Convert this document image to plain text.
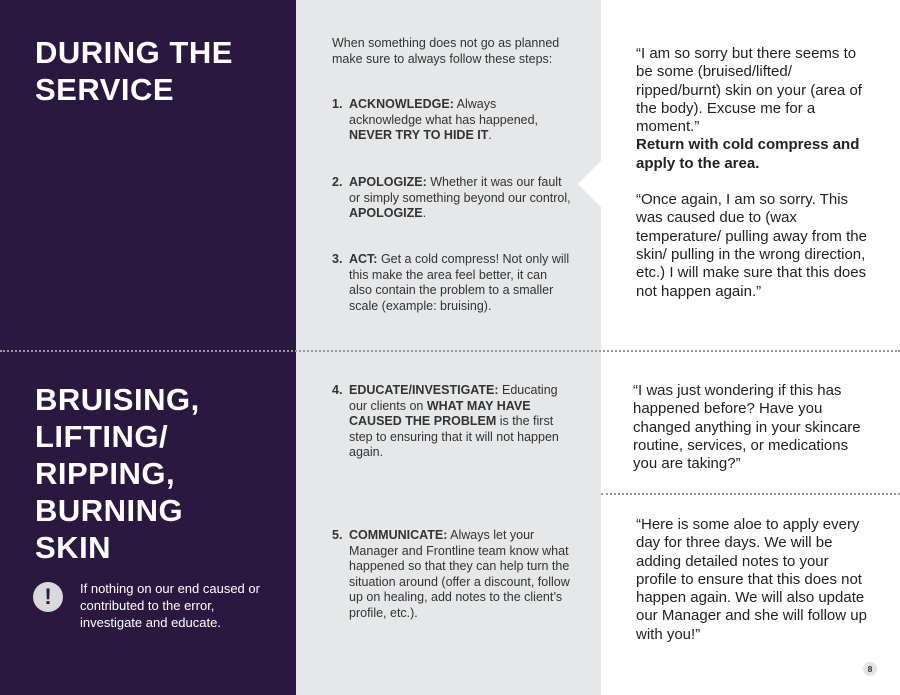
DURING THE
SERVICE
When something does not go as planned make sure to always follow these steps:
1. ACKNOWLEDGE: Always acknowledge what has happened, NEVER TRY TO HIDE IT.
2. APOLOGIZE: Whether it was our fault or simply something beyond our control, APOLOGIZE.
3. ACT: Get a cold compress! Not only will this make the area feel better, it can also contain the problem to a smaller scale (example: bruising).

“I am so sorry but there seems to be some (bruised/lifted/ ripped/burnt) skin on your (area of the body). Excuse me for a moment.”

Return with cold compress and apply to the area.

“Once again, I am so sorry. This was caused due to (wax temperature/ pulling away from the skin/ pulling in the wrong direction, etc.) I will make sure that this does not happen again.”

BRUISING,
LIFTING/
RIPPING,
BURNING
SKIN
!	If nothing on our end caused or contributed to the error, investigate and educate.
4. EDUCATE/INVESTIGATE: Educating our clients on WHAT MAY HAVE CAUSED THE PROBLEM is the first step to ensuring that it will not happen again.
5. COMMUNICATE: Always let your Manager and Frontline team know what happened so that they can help turn the situation around (offer a discount, follow up on healing, add notes to the client’s profile, etc.).
“I was just wondering if this has happened before? Have you changed anything in your skincare routine, services, or medications you are taking?”
“Here is some aloe to apply every day for three days. We will be adding detailed notes to your profile to ensure that this does not happen again. We will also update our Manager and she will follow up with you!”
8
